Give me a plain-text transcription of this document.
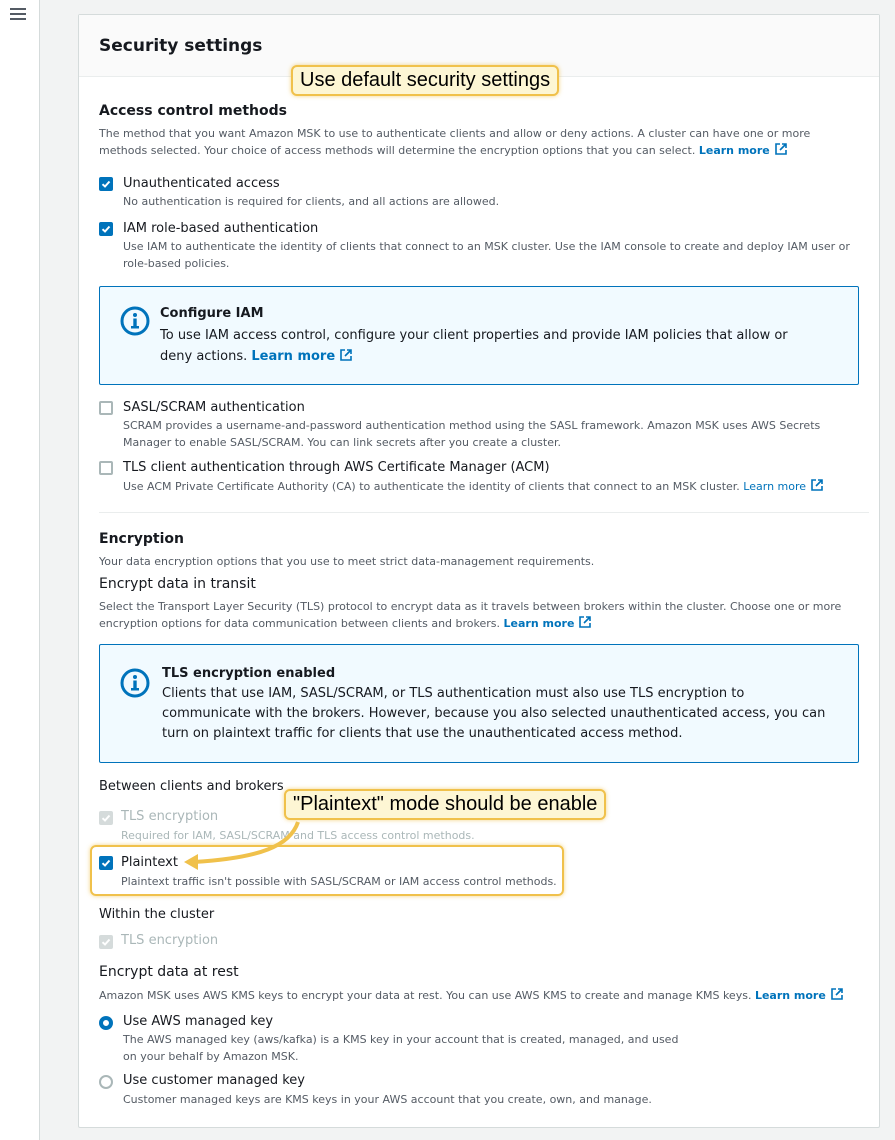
Security settings
Access control methods
The method that you want Amazon MSK to use to authenticate clients and allow or deny actions. A cluster can have one or more methods selected. Your choice of access methods will determine the encryption options that you can select. Learn more
Unauthenticated access
No authentication is required for clients, and all actions are allowed.
IAM role-based authentication
Use IAM to authenticate the identity of clients that connect to an MSK cluster. Use the IAM console to create and deploy IAM user or role-based policies.
Configure IAM
To use IAM access control, configure your client properties and provide IAM policies that allow or deny actions. Learn more
SASL/SCRAM authentication
SCRAM provides a username-and-password authentication method using the SASL framework. Amazon MSK uses AWS Secrets Manager to enable SASL/SCRAM. You can link secrets after you create a cluster.
TLS client authentication through AWS Certificate Manager (ACM)
Use ACM Private Certificate Authority (CA) to authenticate the identity of clients that connect to an MSK cluster. Learn more
Encryption
Your data encryption options that you use to meet strict data-management requirements.
Encrypt data in transit
Select the Transport Layer Security (TLS) protocol to encrypt data as it travels between brokers within the cluster. Choose one or more encryption options for data communication between clients and brokers. Learn more
TLS encryption enabled
Clients that use IAM, SASL/SCRAM, or TLS authentication must also use TLS encryption to communicate with the brokers. However, because you also selected unauthenticated access, you can turn on plaintext traffic for clients that use the unauthenticated access method.
Between clients and brokers
TLS encryption
Required for IAM, SASL/SCRAM and TLS access control methods.
Plaintext
Plaintext traffic isn't possible with SASL/SCRAM or IAM access control methods.
Within the cluster
TLS encryption
Encrypt data at rest
Amazon MSK uses AWS KMS keys to encrypt your data at rest. You can use AWS KMS to create and manage KMS keys. Learn more
Use AWS managed key
The AWS managed key (aws/kafka) is a KMS key in your account that is created, managed, and used
on your behalf by Amazon MSK.
Use customer managed key
Customer managed keys are KMS keys in your AWS account that you create, own, and manage.
Use default security settings
"Plaintext" mode should be enable
